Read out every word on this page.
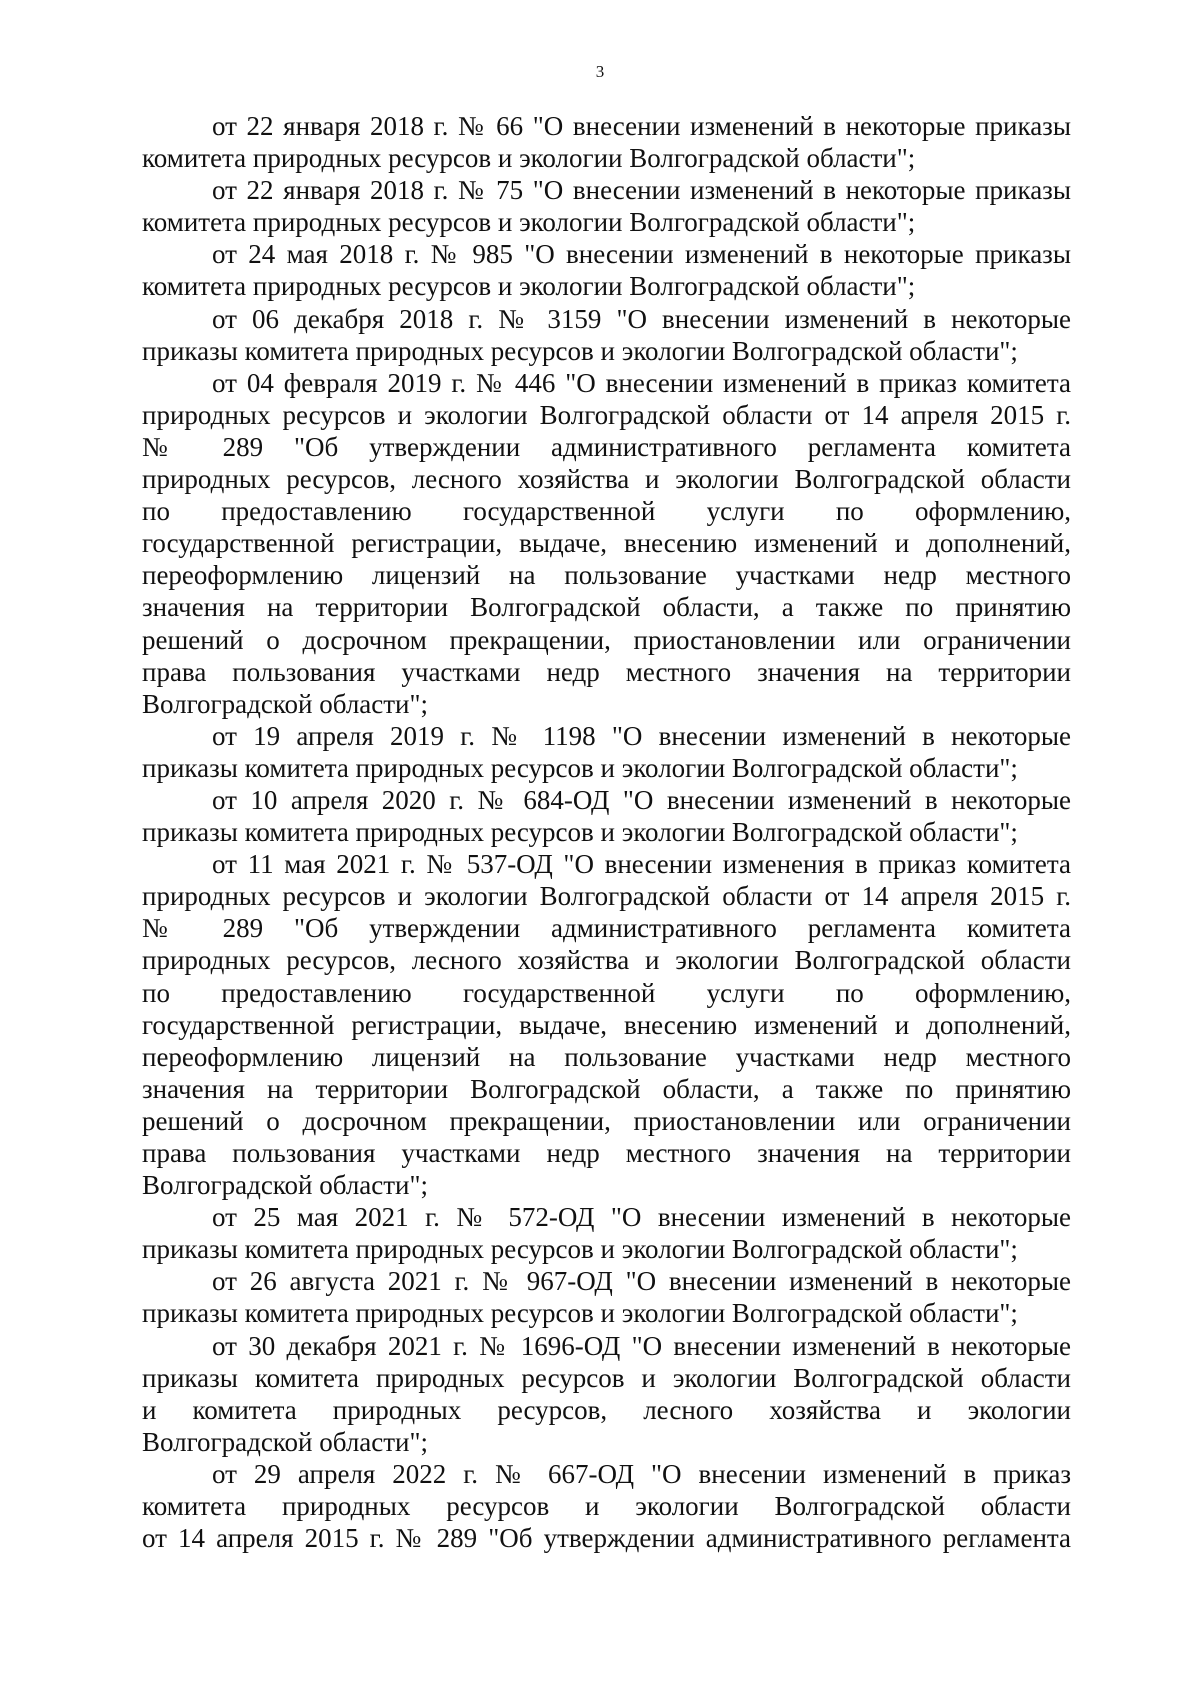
3

от 22 января 2018 г. № 66 "О внесении изменений в некоторые приказы
комитета природных ресурсов и экологии Волгоградской области";

от 22 января 2018 г. № 75 "О внесении изменений в некоторые приказы
комитета природных ресурсов и экологии Волгоградской области";

от 24 мая 2018 г. № 985 "О внесении изменений в некоторые приказы
комитета природных ресурсов и экологии Волгоградской области";

от 06 декабря 2018 г. № 3159 "О внесении изменений в некоторые
приказы комитета природных ресурсов и экологии Волгоградской области";

от 04 февраля 2019 г. № 446 "О внесении изменений в приказ комитета
природных ресурсов и экологии Волгоградской области от 14 апреля 2015 г.
№ 289 "Об утверждении административного регламента комитета
природных ресурсов, лесного хозяйства и экологии Волгоградской области
по предоставлению государственной услуги по оформлению,
государственной регистрации, выдаче, внесению изменений и дополнений,
переоформлению лицензий на пользование участками недр местного
значения на территории Волгоградской области, а также по принятию
решений о досрочном прекращении, приостановлении или ограничении
права пользования участками недр местного значения на территории
Волгоградской области";

от 19 апреля 2019 г. № 1198 "О внесении изменений в некоторые
приказы комитета природных ресурсов и экологии Волгоградской области";

от 10 апреля 2020 г. № 684-ОД "О внесении изменений в некоторые
приказы комитета природных ресурсов и экологии Волгоградской области";

от 11 мая 2021 г. № 537-ОД "О внесении изменения в приказ комитета
природных ресурсов и экологии Волгоградской области от 14 апреля 2015 г.
№ 289 "Об утверждении административного регламента комитета
природных ресурсов, лесного хозяйства и экологии Волгоградской области
по предоставлению государственной услуги по оформлению,
государственной регистрации, выдаче, внесению изменений и дополнений,
переоформлению лицензий на пользование участками недр местного
значения на территории Волгоградской области, а также по принятию
решений о досрочном прекращении, приостановлении или ограничении
права пользования участками недр местного значения на территории
Волгоградской области";

от 25 мая 2021 г. № 572-ОД "О внесении изменений в некоторые
приказы комитета природных ресурсов и экологии Волгоградской области";

от 26 августа 2021 г. № 967-ОД "О внесении изменений в некоторые
приказы комитета природных ресурсов и экологии Волгоградской области";

от 30 декабря 2021 г. № 1696-ОД "О внесении изменений в некоторые
приказы комитета природных ресурсов и экологии Волгоградской области
и комитета природных ресурсов, лесного хозяйства и экологии
Волгоградской области";

от 29 апреля 2022 г. № 667-ОД "О внесении изменений в приказ
комитета природных ресурсов и экологии Волгоградской области
от 14 апреля 2015 г. № 289 "Об утверждении административного регламента
